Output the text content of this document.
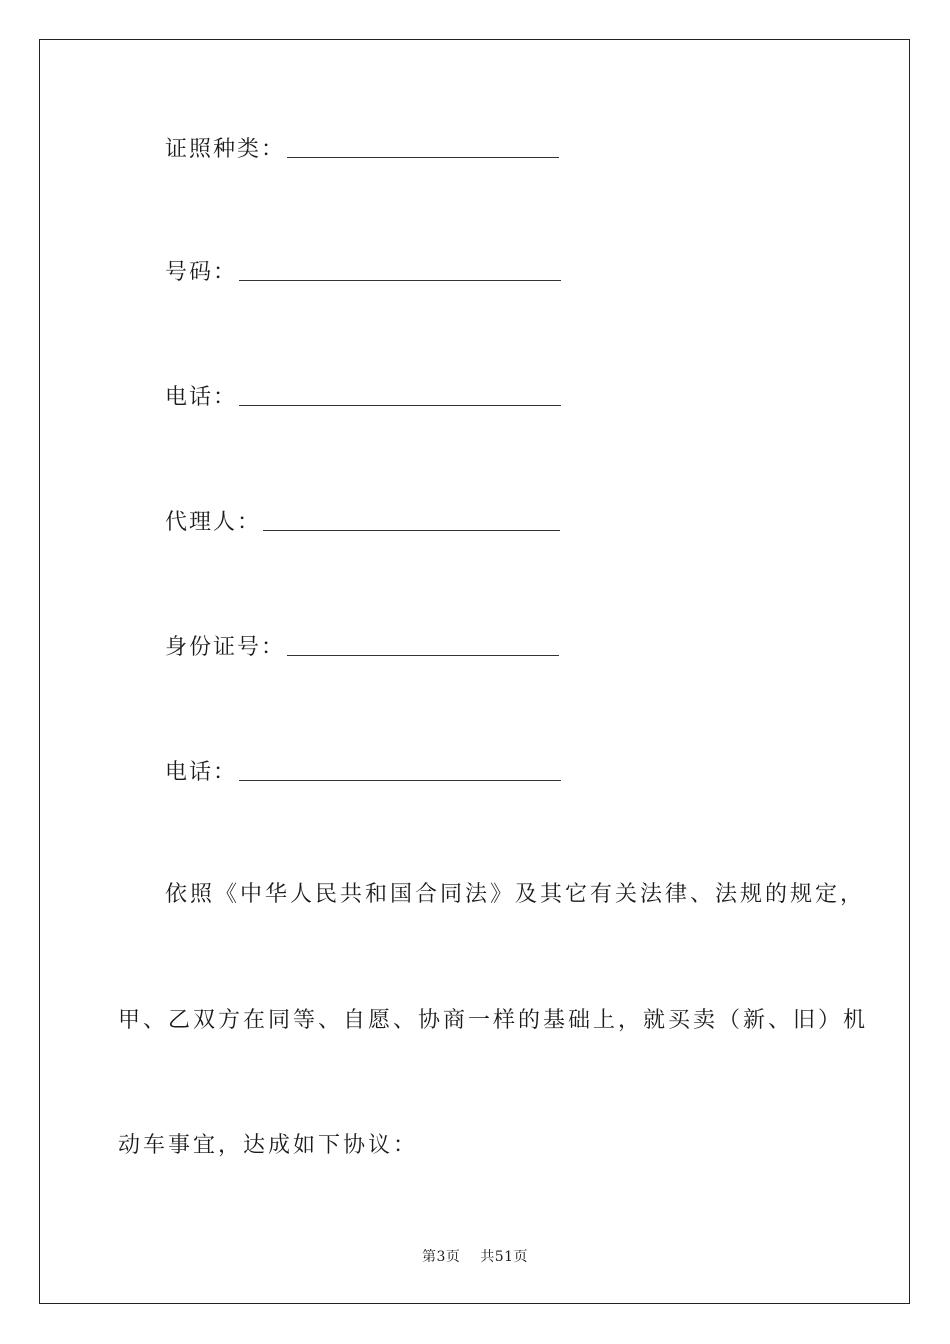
证照种类：
号码：
电话：
代理人：
身份证号：
电话：
依照《中华人民共和国合同法》及其它有关法律、法规的规定，
甲、乙双方在同等、自愿、协商一样的基础上，就买卖（新、旧）机
动车事宜，达成如下协议：
第3页 共51页
